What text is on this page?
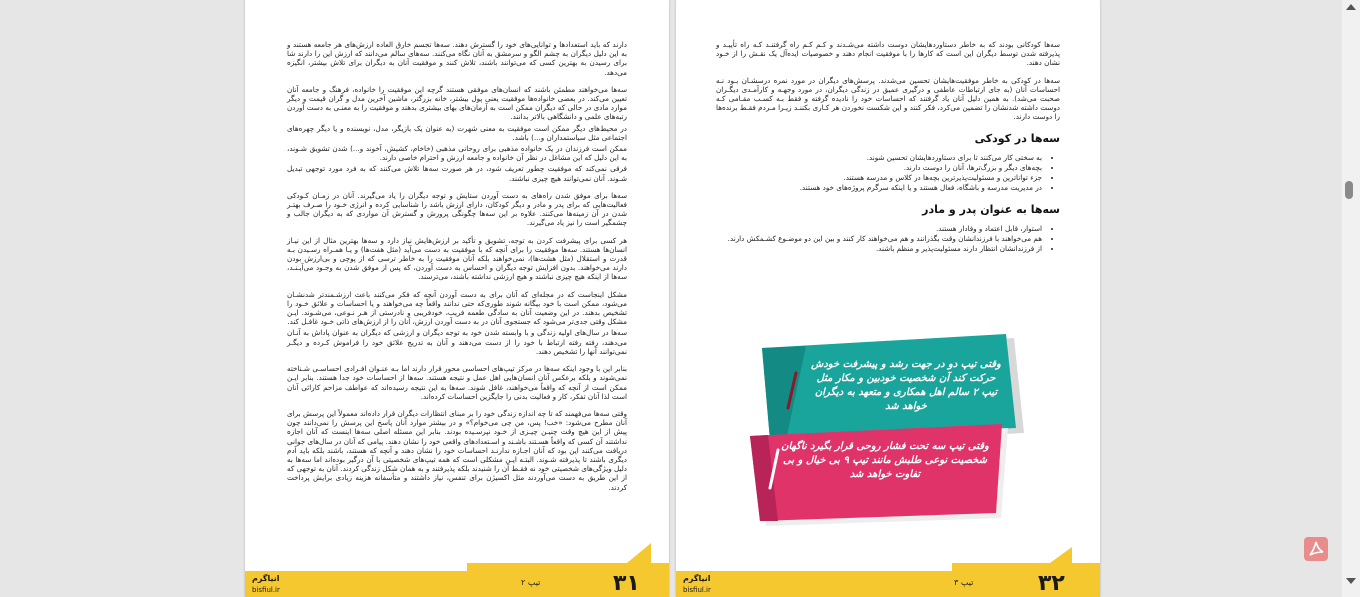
دارند که باید استعدادها و توانایی‌های خود را گسترش دهند. سه‌ها تجسم خارق العاده ارزش‌های هر جامعه هستند و به این دلیل دیگران به چشم الگو و سرمشق به آنان نگاه می‌کنند. سه‌های سالم می‌دانند که ارزش این را دارند شا برای رسیدن به بهترین کسی که می‌توانند باشند، تلاش کنند و موفقیت آنان به دیگران برای تلاش بیشتر، انگیزه می‌دهد.

سه‌ها می‌خواهند مطمئن باشند که انسان‌های موفقی هستند گرچه این موفقیت را خانواده، فرهنگ و جامعه آنان تعیین می‌کند. در بعضی خانواده‌ها موفقیت یعنی پول بیشتر، خانه بزرگتر، ماشین آخرین مدل و گران قیمت و دیگر موارد مادی در حالی که دیگران ممکن است به آرمان‌های بهای بیشتری بدهند و موفقیت را به معنـی به دست آوردن رتبه‌های علمی و دانشگاهی بالاتر بدانند.

در محیط‌های دیگر ممکن است موفقیت به معنی شهرت (به عنوان یک بازیگر، مدل، نویسنده و یا دیگر چهره‌های اجتماعی مثل سیاستمداران و...) باشد.

ممکن است فرزندان در یک خانواده مذهبی برای روحانی مذهبی (خاخام، کشیش، آخوند و...) شدن تشویق شـوند، به این دلیل که این مشاغل در نظر آن خانواده و جامعه ارزش و احترام خاصی دارند.

فرقی نمی‌کند که موفقیت چطور تعریف شود، در هر صورت سه‌ها تلاش می‌کنند که به فرد مورد توجهی تبدیل شـوند. آنان نمی‌توانند هیچ چیزی نباشند.

سه‌ها برای موفق شدن راه‌های به دست آوردن ستایش و توجه دیگران را یاد می‌گیرند. آنان در زمـان کـودکی فعالیت‌هایی که برای پدر و مادر و دیگر کودکان، دارای ارزش باشد را شناسایی کرده و انرژی خـود را صـرف بهتـر شدن در آن زمینه‌ها می‌کنند. علاوه بر این سه‌ها چگونگی پرورش و گسترش آن مواردی که به دیگران جالب و چشمگیر است را نیز یاد می‌گیرند.

هر کسی برای پیشرفت کردن به توجه، تشویق و تأکید بر ارزش‌هایش نیاز دارد و سه‌ها بهترین مثال از این نیـاز انسان‌ها هستند. سه‌ها موفقیت را برای آنچه که با موفقیت به دست می‌آید (مثل هفت‌ها) و یـا همـراه رسـیدن بـه قدرت و استقلال (مثل هشت‌ها)، نمی‌خواهند بلکه آنان موفقیت را به خاطر ترسی که از پوچی و بی‌ارزش بودن دارند می‌خواهند. بدون افزایش توجه دیگران و احساس به دست آوردن، که پس از موفق شدن به وجـود می‌آیـنـد، سه‌ها از اینکه هیچ چیزی نباشند و هیچ ارزشی نداشته باشند، می‌ترسند.

مشکل اینجاست که در مجله‌ای که آنان برای به دست آوردن آنچه که فکر می‌کنند باعث ارزشـمندتر شدنشـان می‌شود، ممکن است با خود بیگانه شوند طوری‌که حتی ندانند واقعاً چه می‌خواهند و یا احساسات و علائق خـود را تشخیص بدهند. در این وضعیت آنان به سادگی طعمه فریب، خودفریبی و نادرستی از هـر نـوعی، می‌شـوند. ایـن مشکل وقتی جدی‌تر می‌شود که جستجوی آنان در به دست آوردن ارزش، آنان را از ارزش‌های ذاتی خـود غافـل کند.

سه‌ها در سال‌های اولیه زندگی و با وابسته شدن خود به توجه دیگران و ارزشی که دیگران به عنوان پاداش به آنـان می‌دهند، رفته رفته ارتباط با خود را از دست می‌دهند و آنان به تدریج علائق خود را فراموش کـرده و دیگـر نمی‌توانند آنها را تشخیص دهند.

بنابر این با وجود اینکه سه‌ها در مرکز تیپ‌های احساسی محور قرار دارند اما بـه عنـوان افـرادی احساسـی شـناخته نمی‌شوند و بلکه برعکس آنان انسان‌هایی اهل عمل و نتیجه هستند. سه‌ها از احساسات خود جدا هستند. بنابر ایـن ممکن است از آنچه که واقعاً می‌خواهند، غافل شوند. سه‌ها به این نتیجه رسیده‌اند که عواطف مزاحم کارائی آنان است لذا آنان تفکر، کار و فعالیت بدنی را جایگزین احساسات کرده‌اند.

وقتی سه‌ها می‌فهمند که تا چه اندازه زندگی خود را بر مبنای انتظارات دیگران قرار داده‌اند معمولاً این پرسش برای آنان مطرح می‌شود: «خب! پس، من چی می‌خوام؟» و در بیشتر موارد آنان پاسخ این پرسش را نمی‌دانند چون پیش از این هیچ وقت چنیـن چیـزی از خـود نپرسـیده بودند. بنابر این مسئله اصلی سه‌ها اینست که آنان اجازه نداشتند آن کسی که واقعاً هسـتند باشـند و اسـتعدادهای واقعی خود را نشان دهند. پیامی که آنان در سال‌های جوانی دریافت می‌کنند این بود که آنان اجـازه ندارنـد احساسات خود را نشان دهند و آنچه که هستند، باشند بلکه باید آدم دیگری باشند تا پذیرفته شـوند. البتـه ایـن مشکلی است که همه تیپ‌های شخصیتی با آن درگیر بوده‌اند اما سه‌ها به دلیل ویژگی‌های شخصیتی خود نه فقـط آن را شنیدند بلکه پذیرفتند و به همان شکل زندگی کردند. آنان به توجهی که از این طریق به دست می‌آوردند مثل اکسیژن برای تنفس، نیاز داشتند و متأسفانه هزینه زیادی برایش پرداخت کردند.

انیاگرم
bisfiul.ir
تیپ ۲	۳۱

سه‌ها کودکانی بودند که به خاطر دستاوردهایشان دوست داشته می‌شـدند و کـم کـم راه گرفتنـد کـه راه تأییـد و پذیرفته شدن توسط دیگران این است که کارها را با موفقیت انجام دهند و خصوصیات ایده‌آل یک نقـش را از خـود نشان دهند.

سه‌ها در کودکی به خاطر موفقیت‌هایشان تحسین می‌شدند. پرسش‌های دیگران در مورد نمره درسشـان بـود نـه احساسات آنان (به جای ارتباطات عاطفی و درگیری عمیق در زندگی دیگران، در مورد وجهـه و کارآمـدی دیگـران صحبت می‌شد). به همین دلیل آنان یاد گرفتند که احساسات خود را نادیده گرفته و فقط بـه کسـب مقـامی کـه دوست داشته شدنشان را تضمین می‌کرد، فکر کنند و این شکست نخوردن هر کـاری بکننـد زیـرا مـردم فقـط برنده‌ها را دوست دارند.

سه‌ها در کودکی
• به سختی کار می‌کنند تا برای دستاوردهایشان تحسین شوند.
• بچه‌های دیگر و بزرگ‌ترها، آنان را دوست دارند.
• جزء توانا‌ترین و مسئولیت‌پذیرترین بچه‌ها در کلاس و مدرسه هستند.
• در مدیریت مدرسه و باشگاه، فعال هستند و یا اینکه سرگرم پروژه‌های خود هستند.
سه‌ها به عنوان پدر و مادر
• استوار، قابل اعتماد و وفادار هستند.
• هم می‌خواهند با فرزندانشان وقت بگذرانند و هم می‌خواهند کار کنند و بین این دو موضـوع کشـمکش دارند.
• از فرزندانشان انتظار دارند مسئولیت‌پذیر و منظم باشند.
وقتی تیپ دو در جهت رشد و پیشرفت خودش حرکت کند آن شخصیت خودبین و مکار مثل تیپ ۲ سالم اهل همکاری و متعهد به دیگران خواهد شد
وقتی تیپ سه تحت فشار روحی قرار بگیرد ناگهان شخصیت نوعی طلبش مانند تیپ ۹ بی خیال و بی تفاوت خواهد شد
انیاگرم
bisfiul.ir
تیپ ۳	۳۲
